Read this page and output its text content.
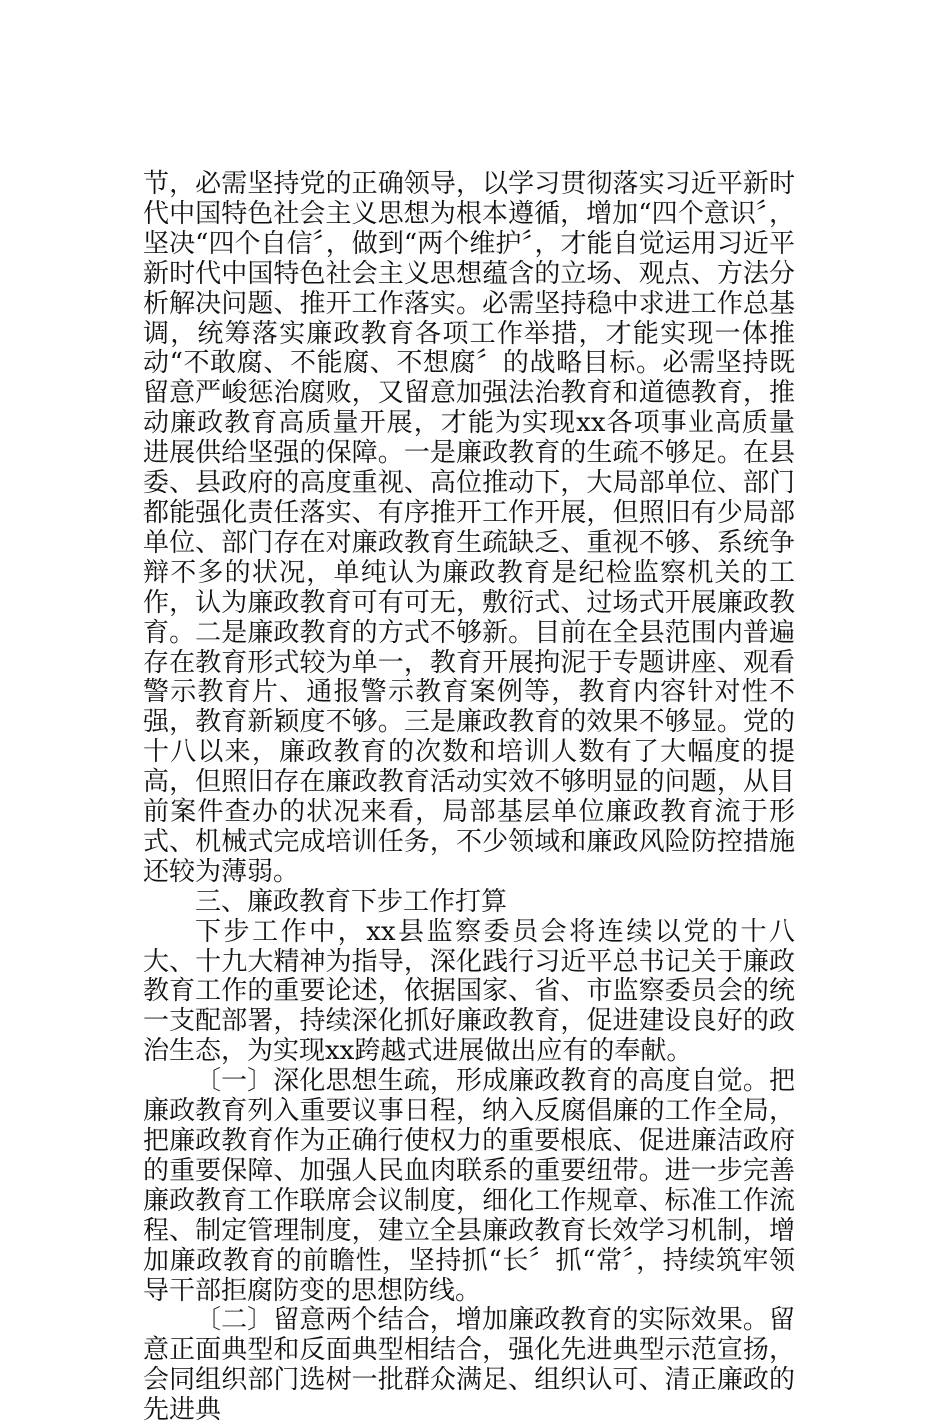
节，必需坚持党的正确领导，以学习贯彻落实习近平新时代中国特色社会主义思想为根本遵循，增加“四个意识〞，坚决“四个自信〞，做到“两个维护〞，才能自觉运用习近平新时代中国特色社会主义思想蕴含的立场、观点、方法分析解决问题、推开工作落实。必需坚持稳中求进工作总基调，统筹落实廉政教育各项工作举措，才能实现一体推动“不敢腐、不能腐、不想腐〞的战略目标。必需坚持既留意严峻惩治腐败，又留意加强法治教育和道德教育，推动廉政教育高质量开展，才能为实现xx各项事业高质量进展供给坚强的保障。一是廉政教育的生疏不够足。在县委、县政府的高度重视、高位推动下，大局部单位、部门都能强化责任落实、有序推开工作开展，但照旧有少局部单位、部门存在对廉政教育生疏缺乏、重视不够、系统争辩不多的状况，单纯认为廉政教育是纪检监察机关的工作，认为廉政教育可有可无，敷衍式、过场式开展廉政教育。二是廉政教育的方式不够新。目前在全县范围内普遍存在教育形式较为单一，教育开展拘泥于专题讲座、观看警示教育片、通报警示教育案例等，教育内容针对性不强，教育新颖度不够。三是廉政教育的效果不够显。党的十八以来，廉政教育的次数和培训人数有了大幅度的提高，但照旧存在廉政教育活动实效不够明显的问题，从目前案件查办的状况来看，局部基层单位廉政教育流于形式、机械式完成培训任务，不少领域和廉政风险防控措施还较为薄弱。

三、廉政教育下步工作打算

下步工作中，xx县监察委员会将连续以党的十八大、十九大精神为指导，深化践行习近平总书记关于廉政教育工作的重要论述，依据国家、省、市监察委员会的统一支配部署，持续深化抓好廉政教育，促进建设良好的政治生态，为实现xx跨越式进展做出应有的奉献。

〔一〕深化思想生疏，形成廉政教育的高度自觉。把廉政教育列入重要议事日程，纳入反腐倡廉的工作全局，把廉政教育作为正确行使权力的重要根底、促进廉洁政府的重要保障、加强人民血肉联系的重要纽带。进一步完善廉政教育工作联席会议制度，细化工作规章、标准工作流程、制定管理制度，建立全县廉政教育长效学习机制，增加廉政教育的前瞻性，坚持抓“长〞抓“常〞，持续筑牢领导干部拒腐防变的思想防线。

〔二〕留意两个结合，增加廉政教育的实际效果。留意正面典型和反面典型相结合，强化先进典型示范宣扬，会同组织部门选树一批群众满足、组织认可、清正廉政的先进典
